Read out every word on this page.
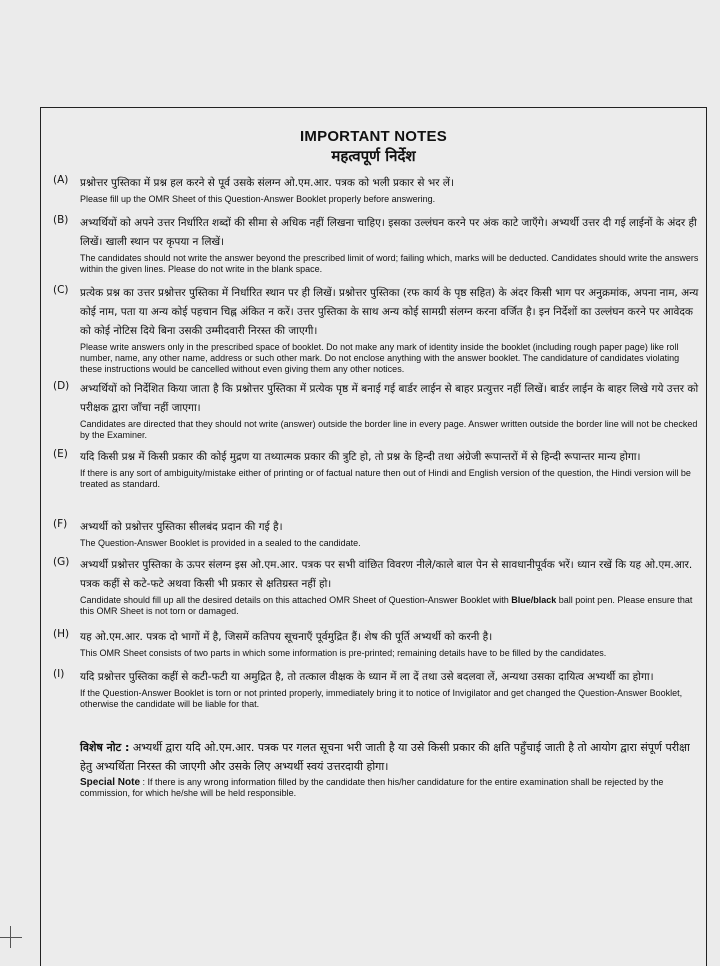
IMPORTANT NOTES
महत्वपूर्ण निर्देश
(A) प्रश्नोत्तर पुस्तिका में प्रश्न हल करने से पूर्व उसके संलग्न ओ.एम.आर. पत्रक को भली प्रकार से भर लें।
Please fill up the OMR Sheet of this Question-Answer Booklet properly before answering.
(B) अभ्यर्थियों को अपने उत्तर निर्धारित शब्दों की सीमा से अधिक नहीं लिखना चाहिए। इसका उल्लंघन करने पर अंक काटे जाएँगे। अभ्यर्थी उत्तर दी गई लाईनों के अंदर ही लिखें। खाली स्थान पर कृपया न लिखें।
The candidates should not write the answer beyond the prescribed limit of word; failing which, marks will be deducted. Candidates should write the answers within the given lines. Please do not write in the blank space.
(C) प्रत्येक प्रश्न का उत्तर प्रश्नोत्तर पुस्तिका में निर्धारित स्थान पर ही लिखें। प्रश्नोत्तर पुस्तिका (रफ कार्य के पृष्ठ सहित) के अंदर किसी भाग पर अनुक्रमांक, अपना नाम, अन्य कोई नाम, पता या अन्य कोई पहचान चिह्न अंकित न करें। उत्तर पुस्तिका के साथ अन्य कोई सामग्री संलग्न करना वर्जित है। इन निर्देशों का उल्लंघन करने पर आवेदक को कोई नोटिस दिये बिना उसकी उम्मीदवारी निरस्त की जाएगी।
Please write answers only in the prescribed space of booklet. Do not make any mark of identity inside the booklet (including rough paper page) like roll number, name, any other name, address or such other mark. Do not enclose anything with the answer booklet. The candidature of candidates violating these instructions would be cancelled without even giving them any other notices.
(D) अभ्यर्थियों को निर्देशित किया जाता है कि प्रश्नोत्तर पुस्तिका में प्रत्येक पृष्ठ में बनाई गई बार्डर लाईन से बाहर प्रत्युत्तर नहीं लिखें। बार्डर लाईन के बाहर लिखे गये उत्तर को परीक्षक द्वारा जाँचा नहीं जाएगा।
Candidates are directed that they should not write (answer) outside the border line in every page. Answer written outside the border line will not be checked by the Examiner.
(E) यदि किसी प्रश्न में किसी प्रकार की कोई मुद्रण या तथ्यात्मक प्रकार की त्रुटि हो, तो प्रश्न के हिन्दी तथा अंग्रेजी रूपान्तरों में से हिन्दी रूपान्तर मान्य होगा।
If there is any sort of ambiguity/mistake either of printing or of factual nature then out of Hindi and English version of the question, the Hindi version will be treated as standard.
(F) अभ्यर्थी को प्रश्नोत्तर पुस्तिका सीलबंद प्रदान की गई है।
The Question-Answer Booklet is provided in a sealed to the candidate.
(G) अभ्यर्थी प्रश्नोत्तर पुस्तिका के ऊपर संलग्न इस ओ.एम.आर. पत्रक पर सभी वांछित विवरण नीले/काले बाल पेन से सावधानीपूर्वक भरें। ध्यान रखें कि यह ओ.एम.आर. पत्रक कहीं से कटे-फटे अथवा किसी भी प्रकार से क्षतिग्रस्त नहीं हो।
Candidate should fill up all the desired details on this attached OMR Sheet of Question-Answer Booklet with Blue/black ball point pen. Please ensure that this OMR Sheet is not torn or damaged.
(H) यह ओ.एम.आर. पत्रक दो भागों में है, जिसमें कतिपय सूचनाएँ पूर्वमुद्रित हैं। शेष की पूर्ति अभ्यर्थी को करनी है।
This OMR Sheet consists of two parts in which some information is pre-printed; remaining details have to be filled by the candidates.
(I) यदि प्रश्नोत्तर पुस्तिका कहीं से कटी-फटी या अमुद्रित है, तो तत्काल वीक्षक के ध्यान में ला दें तथा उसे बदलवा लें, अन्यथा उसका दायित्व अभ्यर्थी का होगा।
If the Question-Answer Booklet is torn or not printed properly, immediately bring it to notice of Invigilator and get changed the Question-Answer Booklet, otherwise the candidate will be liable for that.
विशेष नोट : अभ्यर्थी द्वारा यदि ओ.एम.आर. पत्रक पर गलत सूचना भरी जाती है या उसे किसी प्रकार की क्षति पहुँचाई जाती है तो आयोग द्वारा संपूर्ण परीक्षा हेतु अभ्यर्थिता निरस्त की जाएगी और उसके लिए अभ्यर्थी स्वयं उत्तरदायी होगा।
Special Note : If there is any wrong information filled by the candidate then his/her candidature for the entire examination shall be rejected by the commission, for which he/she will be held responsible.
